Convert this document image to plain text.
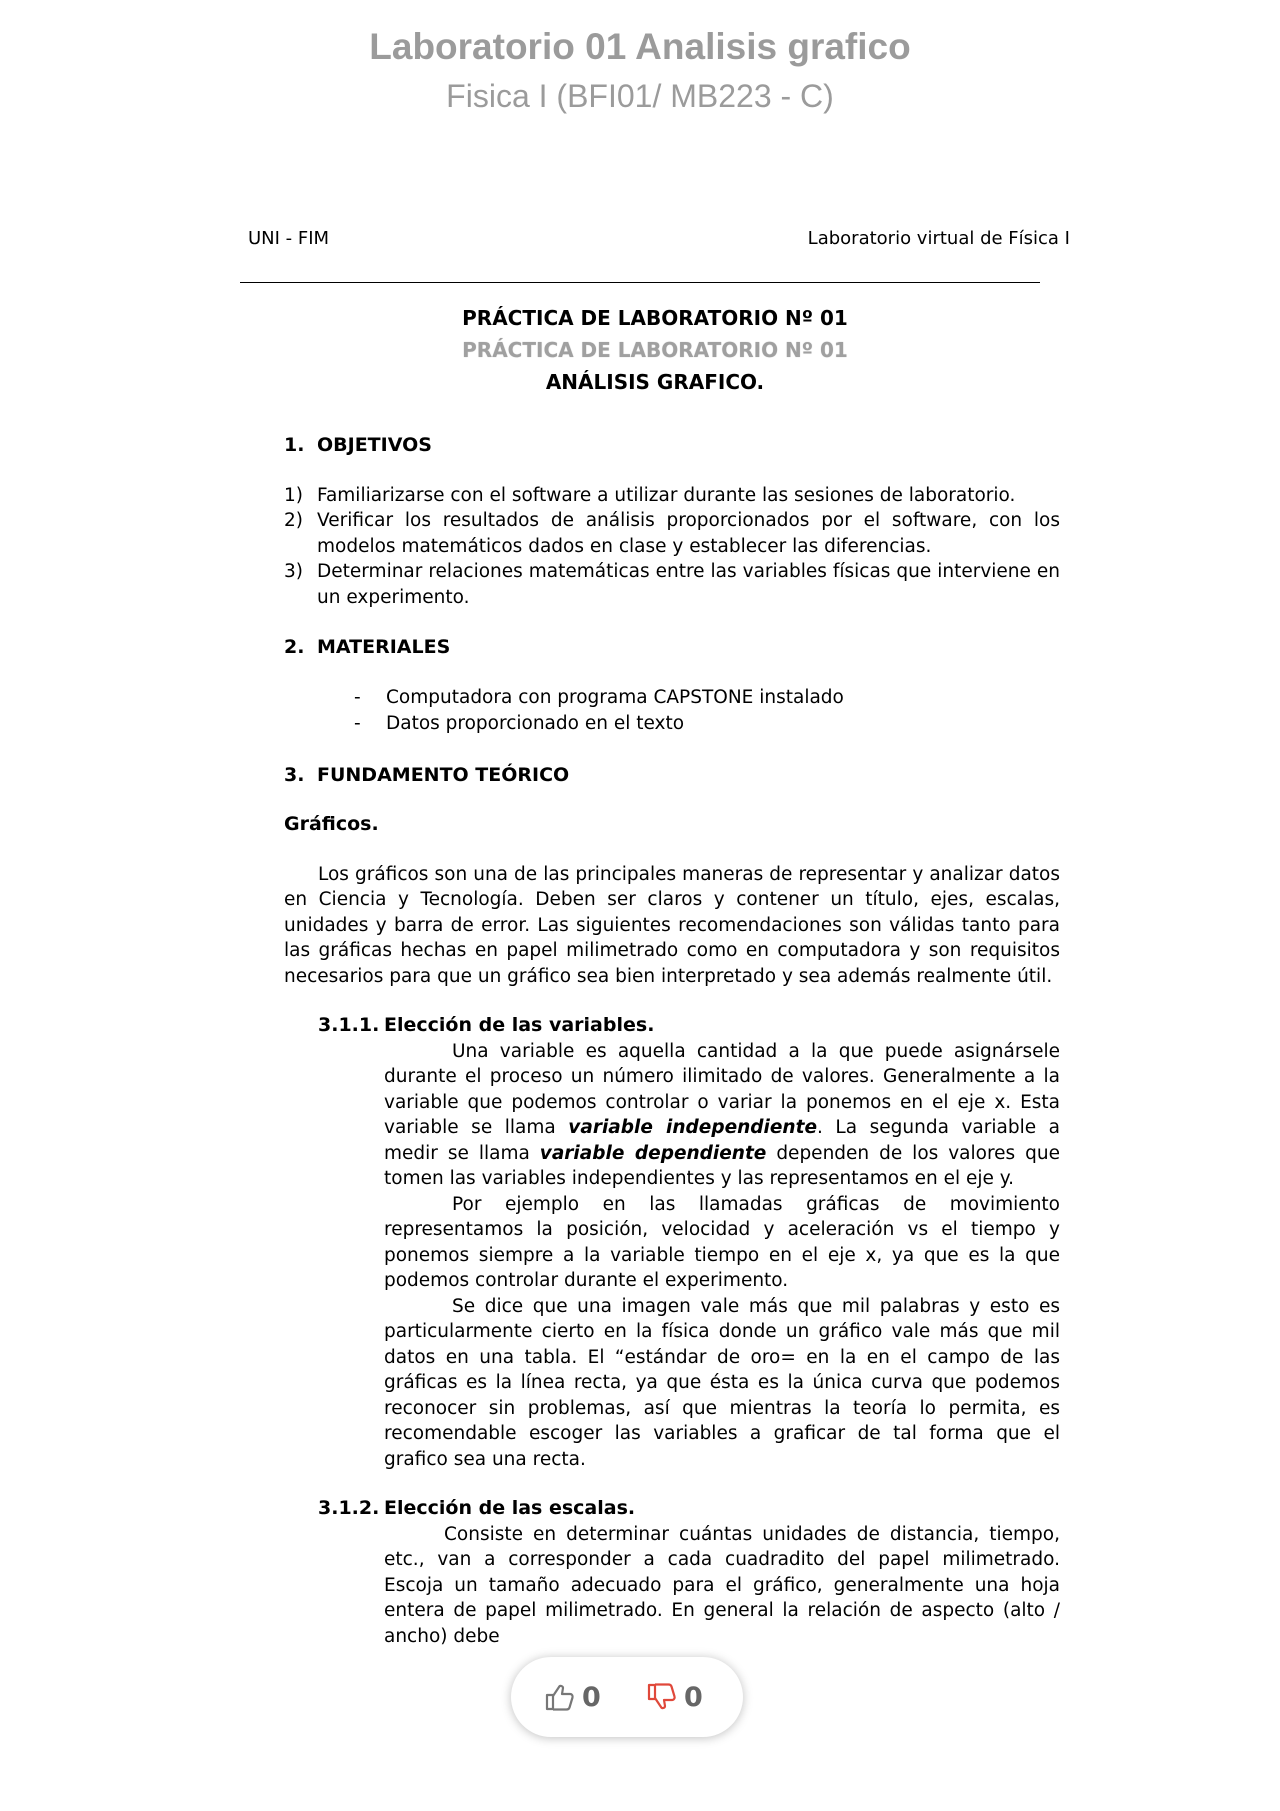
Laboratorio 01 Analisis grafico
Fisica I (BFI01/ MB223 - C)
UNI - FIM	Laboratorio virtual de Física I
PRÁCTICA DE LABORATORIO Nº 01
PRÁCTICA DE LABORATORIO Nº 01
ANÁLISIS GRAFICO.
1. OBJETIVOS
1) Familiarizarse con el software a utilizar durante las sesiones de laboratorio.
2) Verificar los resultados de análisis proporcionados por el software, con los modelos matemáticos dados en clase y establecer las diferencias.
3) Determinar relaciones matemáticas entre las variables físicas que interviene en un experimento.
2. MATERIALES
- Computadora con programa CAPSTONE instalado
- Datos proporcionado en el texto
3. FUNDAMENTO TEÓRICO
Gráficos.

Los gráficos son una de las principales maneras de representar y analizar datos en Ciencia y Tecnología. Deben ser claros y contener un título, ejes, escalas, unidades y barra de error. Las siguientes recomendaciones son válidas tanto para las gráficas hechas en papel milimetrado como en computadora y son requisitos necesarios para que un gráfico sea bien interpretado y sea además realmente útil.

3.1.1. Elección de las variables.

Una variable es aquella cantidad a la que puede asignársele durante el proceso un número ilimitado de valores. Generalmente a la variable que podemos controlar o variar la ponemos en el eje x. Esta variable se llama variable independiente. La segunda variable a medir se llama variable dependiente dependen de los valores que tomen las variables independientes y las representamos en el eje y.

Por ejemplo en las llamadas gráficas de movimiento representamos la posición, velocidad y aceleración vs el tiempo y ponemos siempre a la variable tiempo en el eje x, ya que es la que podemos controlar durante el experimento.

Se dice que una imagen vale más que mil palabras y esto es particularmente cierto en la física donde un gráfico vale más que mil datos en una tabla. El “estándar de oro= en la en el campo de las gráficas es la línea recta, ya que ésta es la única curva que podemos reconocer sin problemas, así que mientras la teoría lo permita, es recomendable escoger las variables a graficar de tal forma que el grafico sea una recta.

3.1.2. Elección de las escalas.

Consiste en determinar cuántas unidades de distancia, tiempo, etc., van a corresponder a cada cuadradito del papel milimetrado. Escoja un tamaño adecuado para el gráfico, generalmente una hoja entera de papel milimetrado. En general la relación de aspecto (alto / ancho) debe

0	0
